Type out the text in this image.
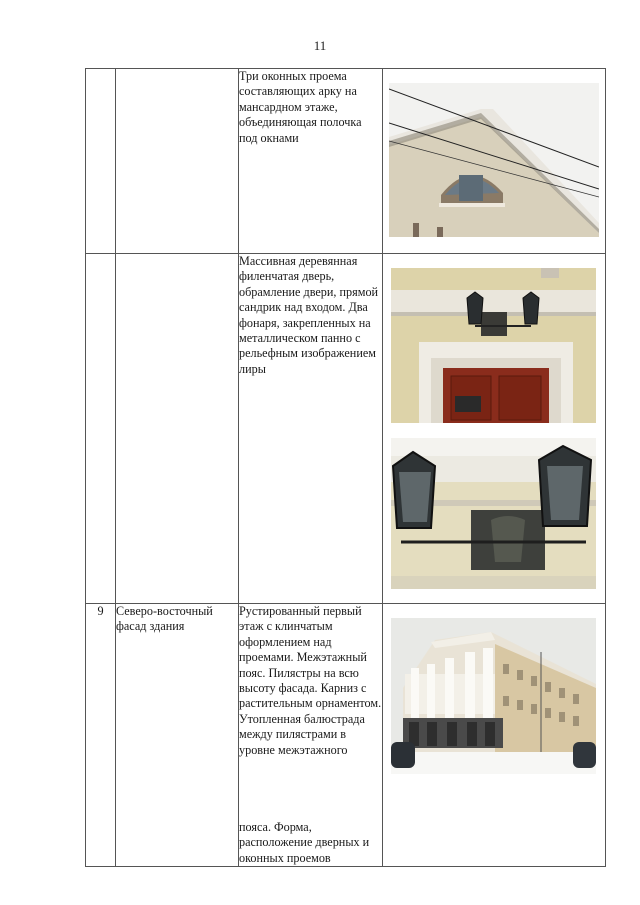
11
		Три оконных проема составляющих арку на мансардном этаже, объединяющая полочка под окнами	

		Массивная деревянная филенчатая дверь, обрамление двери, прямой сандрик над входом. Два фонаря, закрепленных на металлическом панно с рельефным изображением лиры	

9	Северо-восточный фасад здания	Рустированный первый этаж с клинчатым оформлением над проемами. Межэтажный пояс. Пилястры на всю высоту фасада. Карниз с растительным орнаментом. Утопленная балюстрада между пилястрами в уровне межэтажного
пояса. Форма, расположение дверных и оконных проемов
